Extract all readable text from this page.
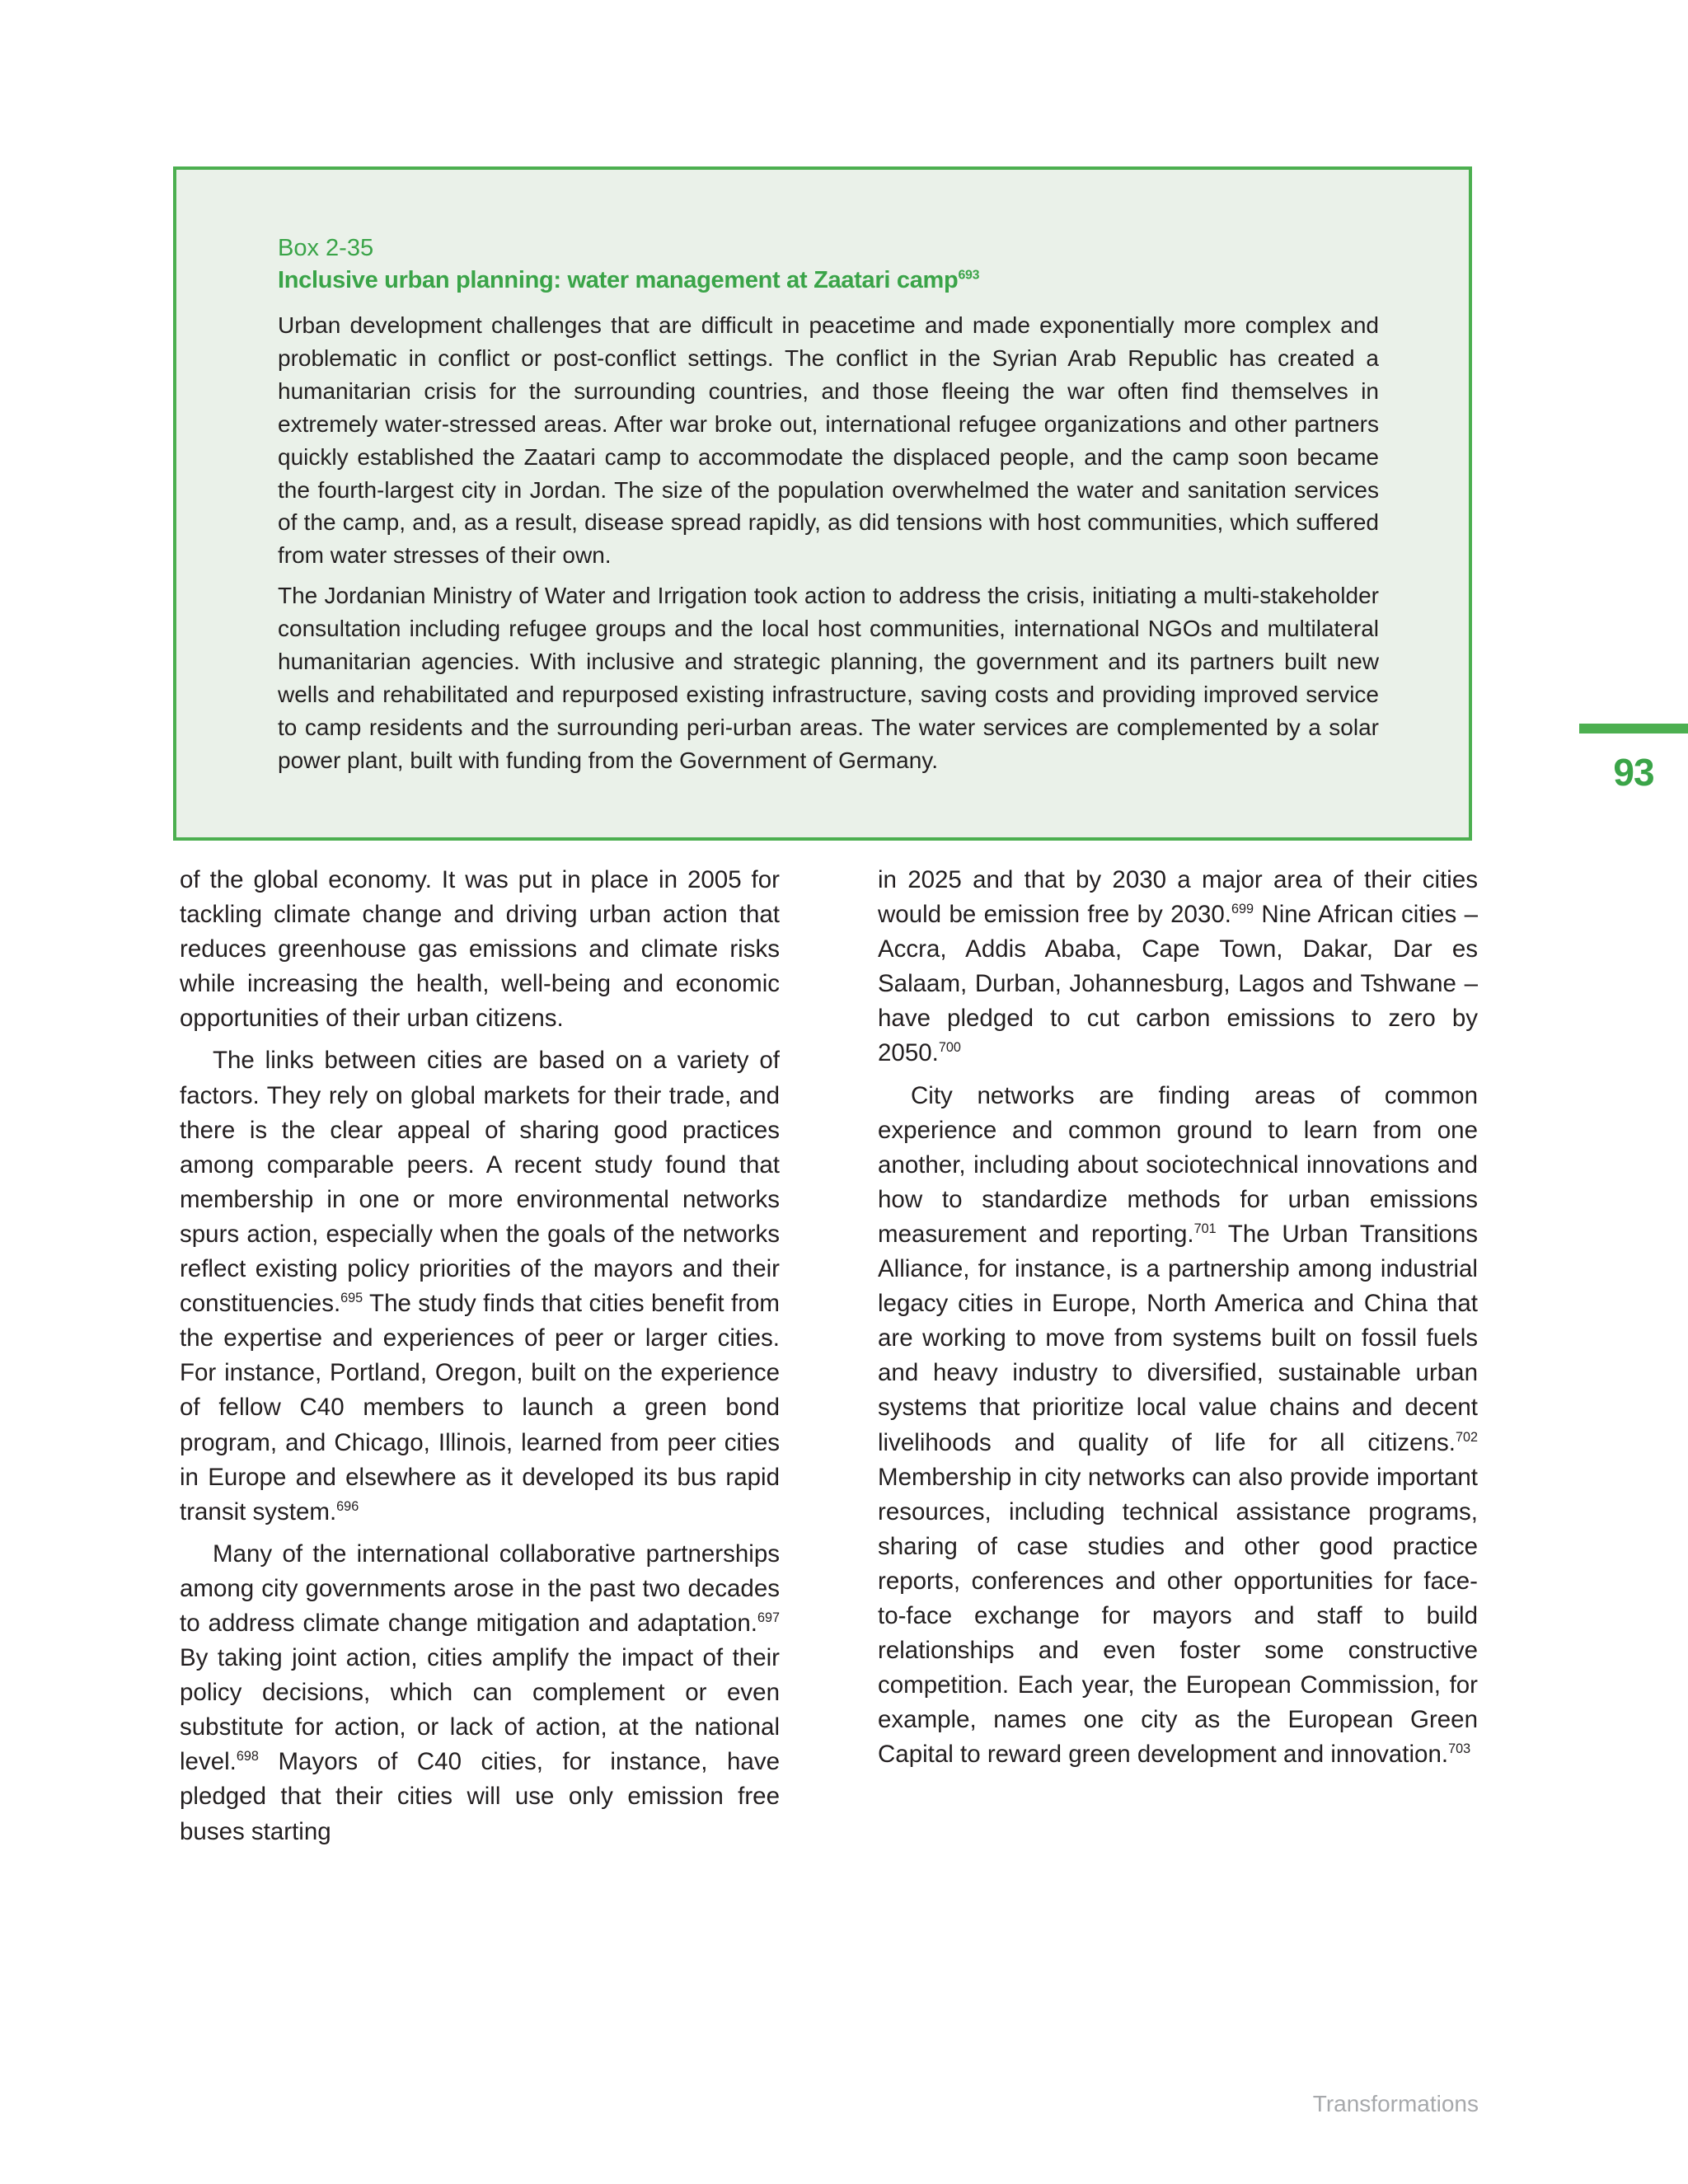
Box 2-35
Inclusive urban planning: water management at Zaatari camp$^{693}$

Urban development challenges that are difficult in peacetime and made exponentially more complex and problematic in conflict or post-conflict settings. The conflict in the Syrian Arab Republic has created a humanitarian crisis for the surrounding countries, and those fleeing the war often find themselves in extremely water-stressed areas. After war broke out, international refugee organizations and other partners quickly established the Zaatari camp to accommodate the displaced people, and the camp soon became the fourth-largest city in Jordan. The size of the population overwhelmed the water and sanitation services of the camp, and, as a result, disease spread rapidly, as did tensions with host communities, which suffered from water stresses of their own.

The Jordanian Ministry of Water and Irrigation took action to address the crisis, initiating a multi-stakeholder consultation including refugee groups and the local host communities, international NGOs and multilateral humanitarian agencies. With inclusive and strategic planning, the government and its partners built new wells and rehabilitated and repurposed existing infrastructure, saving costs and providing improved service to camp residents and the surrounding peri-urban areas. The water services are complemented by a solar power plant, built with funding from the Government of Germany.	93

of the global economy. It was put in place in 2005 for tackling climate change and driving urban action that reduces greenhouse gas emissions and climate risks while increasing the health, well-being and economic opportunities of their urban citizens.

The links between cities are based on a variety of factors. They rely on global markets for their trade, and there is the clear appeal of sharing good practices among comparable peers. A recent study found that membership in one or more environmental networks spurs action, especially when the goals of the networks reflect existing policy priorities of the mayors and their constituencies.$^{695}$ The study finds that cities benefit from the expertise and experiences of peer or larger cities. For instance, Portland, Oregon, built on the experience of fellow C40 members to launch a green bond program, and Chicago, Illinois, learned from peer cities in Europe and elsewhere as it developed its bus rapid transit system.$^{696}$

Many of the international collaborative partnerships among city governments arose in the past two decades to address climate change mitigation and adaptation.$^{697}$ By taking joint action, cities amplify the impact of their policy decisions, which can complement or even substitute for action, or lack of action, at the national level.$^{698}$ Mayors of C40 cities, for instance, have pledged that their cities will use only emission free buses starting

in 2025 and that by 2030 a major area of their cities would be emission free by 2030.$^{699}$ Nine African cities – Accra, Addis Ababa, Cape Town, Dakar, Dar es Salaam, Durban, Johannesburg, Lagos and Tshwane – have pledged to cut carbon emissions to zero by 2050.$^{700}$

City networks are finding areas of common experience and common ground to learn from one another, including about sociotechnical innovations and how to standardize methods for urban emissions measurement and reporting.$^{701}$ The Urban Transitions Alliance, for instance, is a partnership among industrial legacy cities in Europe, North America and China that are working to move from systems built on fossil fuels and heavy industry to diversified, sustainable urban systems that prioritize local value chains and decent livelihoods and quality of life for all citizens.$^{702}$ Membership in city networks can also provide important resources, including technical assistance programs, sharing of case studies and other good practice reports, conferences and other opportunities for face-to-face exchange for mayors and staff to build relationships and even foster some constructive competition. Each year, the European Commission, for example, names one city as the European Green Capital to reward green development and innovation.$^{703}$

Transformations
